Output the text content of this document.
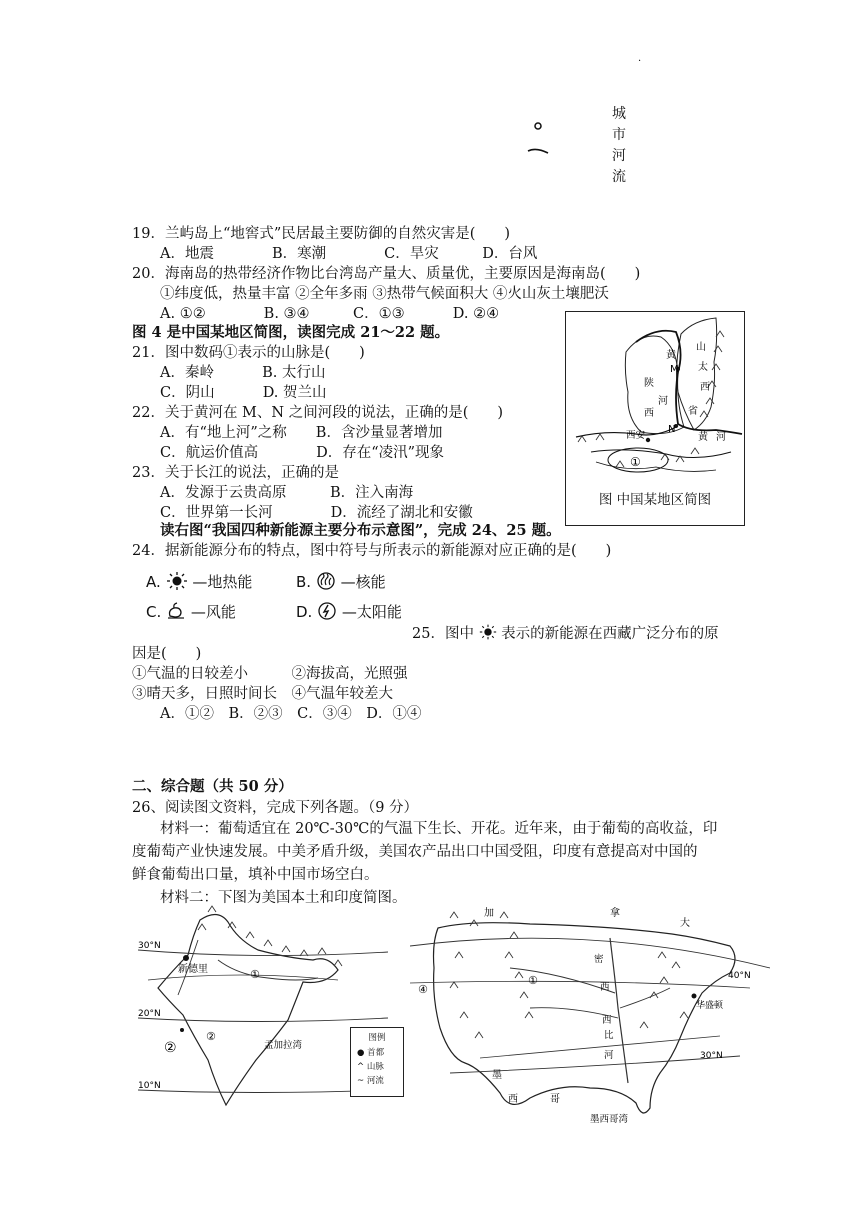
·
城
市
河
流
19．兰屿岛上“地窖式”民居最主要防御的自然灾害是(　　)
A．地震　　　　B．寒潮　　　　C．旱灾　　　D．台风
20．海南岛的热带经济作物比台湾岛产量大、质量优，主要原因是海南岛(　　)
①纬度低，热量丰富 ②全年多雨 ③热带气候面积大 ④火山灰土壤肥沃
A. ①②　　　　B. ③④　　　C．①③　　　 D. ②④
图 4 是中国某地区简图，读图完成 21～22 题。
21．图中数码①表示的山脉是(　　)
A．秦岭　　　 B. 太行山
C．阴山　　　 D. 贺兰山
22．关于黄河在 M、N 之间河段的说法，正确的是(　　)
A．有“地上河”之称　　B．含沙量显著增加
C．航运价值高　　　　D．存在“凌汛”现象
23．关于长江的说法，正确的是
A．发源于云贵高原　　　B．注入南海
C．世界第一长河　　　　D．流经了湖北和安徽
黄
山
太
西
省
陕
西
河
西安
M
N
①
黄 河
图 中国某地区简图
读右图“我国四种新能源主要分布示意图”，完成 24、25 题。
24．据新能源分布的特点，图中符号与所表示的新能源对应正确的是(　　)
A. —地热能	B. —核能
C. —风能	D. —太阳能
25．图中 表示的新能源在西藏广泛分布的原
因是(　　)
①气温的日较差小　　　②海拔高，光照强
③晴天多，日照时间长　④气温年较差大
A．①②　B．②③　C．③④　D．①④
二、综合题（共 50 分）
26、阅读图文资料，完成下列各题。（9 分）
材料一：葡萄适宜在 20℃-30℃的气温下生长、开花。近年来，由于葡萄的高收益，印
度葡萄产业快速发展。中美矛盾升级，美国农产品出口中国受阻，印度有意提高对中国的
鲜食葡萄出口量，填补中国市场空白。
材料二：下图为美国本土和印度简图。
30°N
20°N
10°N
新德里	①
②
②
孟加拉湾
图例
● 首都
^ 山脉
~ 河流
加	拿
大
40°N
30°N
华盛顿
①
④
密
西
西
比
河
墨
西	哥
墨西哥湾
